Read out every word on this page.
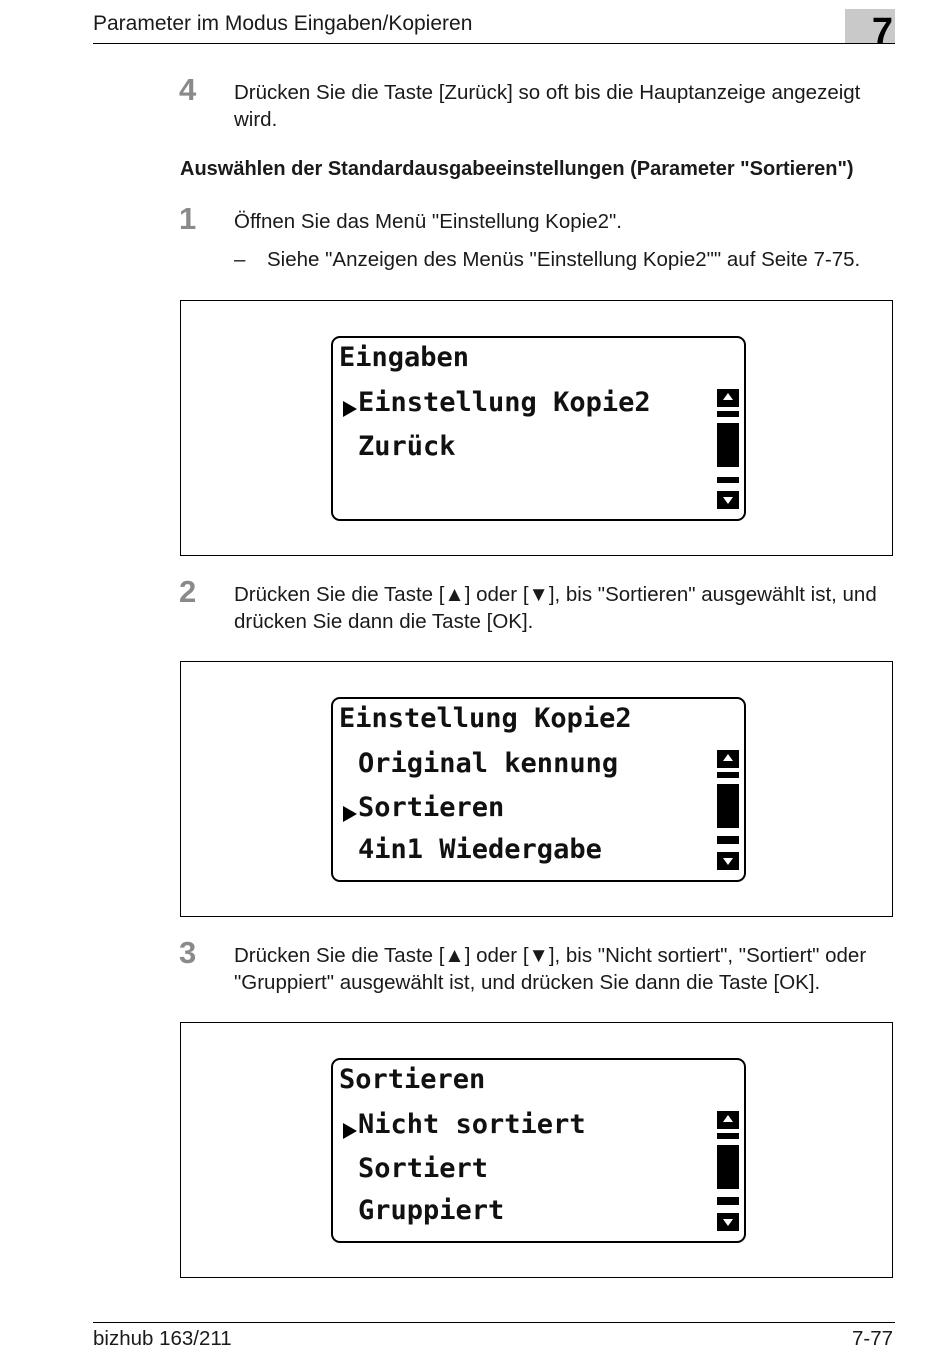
Parameter im Modus Eingaben/Kopieren	7
4 Drücken Sie die Taste [Zurück] so oft bis die Hauptanzeige angezeigt wird.
Auswählen der Standardausgabeeinstellungen (Parameter "Sortieren")
1 Öffnen Sie das Menü "Einstellung Kopie2".
– Siehe "Anzeigen des Menüs "Einstellung Kopie2"" auf Seite 7-75.
Eingaben
Einstellung Kopie2
Zurück
2 Drücken Sie die Taste [▲] oder [▼], bis "Sortieren" ausgewählt ist, und drücken Sie dann die Taste [OK].
Einstellung Kopie2
Original kennung
Sortieren
4in1 Wiedergabe
3 Drücken Sie die Taste [▲] oder [▼], bis "Nicht sortiert", "Sortiert" oder "Gruppiert" ausgewählt ist, und drücken Sie dann die Taste [OK].
Sortieren
Nicht sortiert
Sortiert
Gruppiert
bizhub 163/211	7-77
